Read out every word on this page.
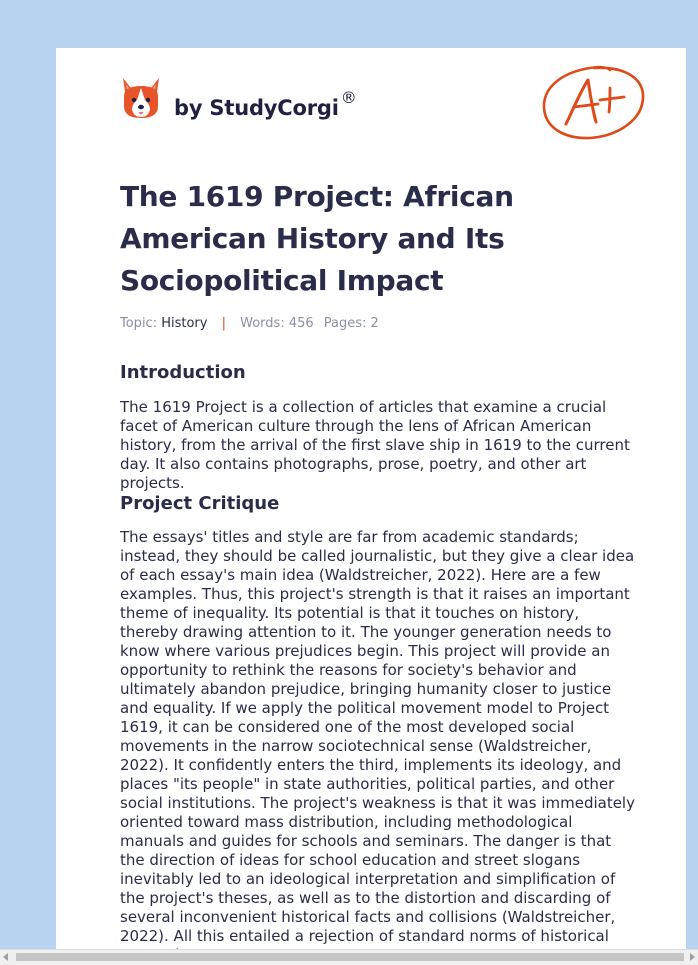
by StudyCorgi ®
The 1619 Project: African American History and Its Sociopolitical Impact
Topic: History | Words: 456 Pages: 2
Introduction

The 1619 Project is a collection of articles that examine a crucial facet of American culture through the lens of African American history, from the arrival of the first slave ship in 1619 to the current day. It also contains photographs, prose, poetry, and other art projects.

Project Critique

The essays' titles and style are far from academic standards; instead, they should be called journalistic, but they give a clear idea of each essay's main idea (Waldstreicher, 2022). Here are a few examples. Thus, this project's strength is that it raises an important theme of inequality. Its potential is that it touches on history, thereby drawing attention to it. The younger generation needs to know where various prejudices begin. This project will provide an opportunity to rethink the reasons for society's behavior and ultimately abandon prejudice, bringing humanity closer to justice and equality. If we apply the political movement model to Project 1619, it can be considered one of the most developed social movements in the narrow sociotechnical sense (Waldstreicher, 2022). It confidently enters the third, implements its ideology, and places "its people" in state authorities, political parties, and other social institutions. The project's weakness is that it was immediately oriented toward mass distribution, including methodological manuals and guides for schools and seminars. The danger is that the direction of ideas for school education and street slogans inevitably led to an ideological interpretation and simplification of the project's theses, as well as to the distortion and discarding of several inconvenient historical facts and collisions (Waldstreicher, 2022). All this entailed a rejection of standard norms of historical
